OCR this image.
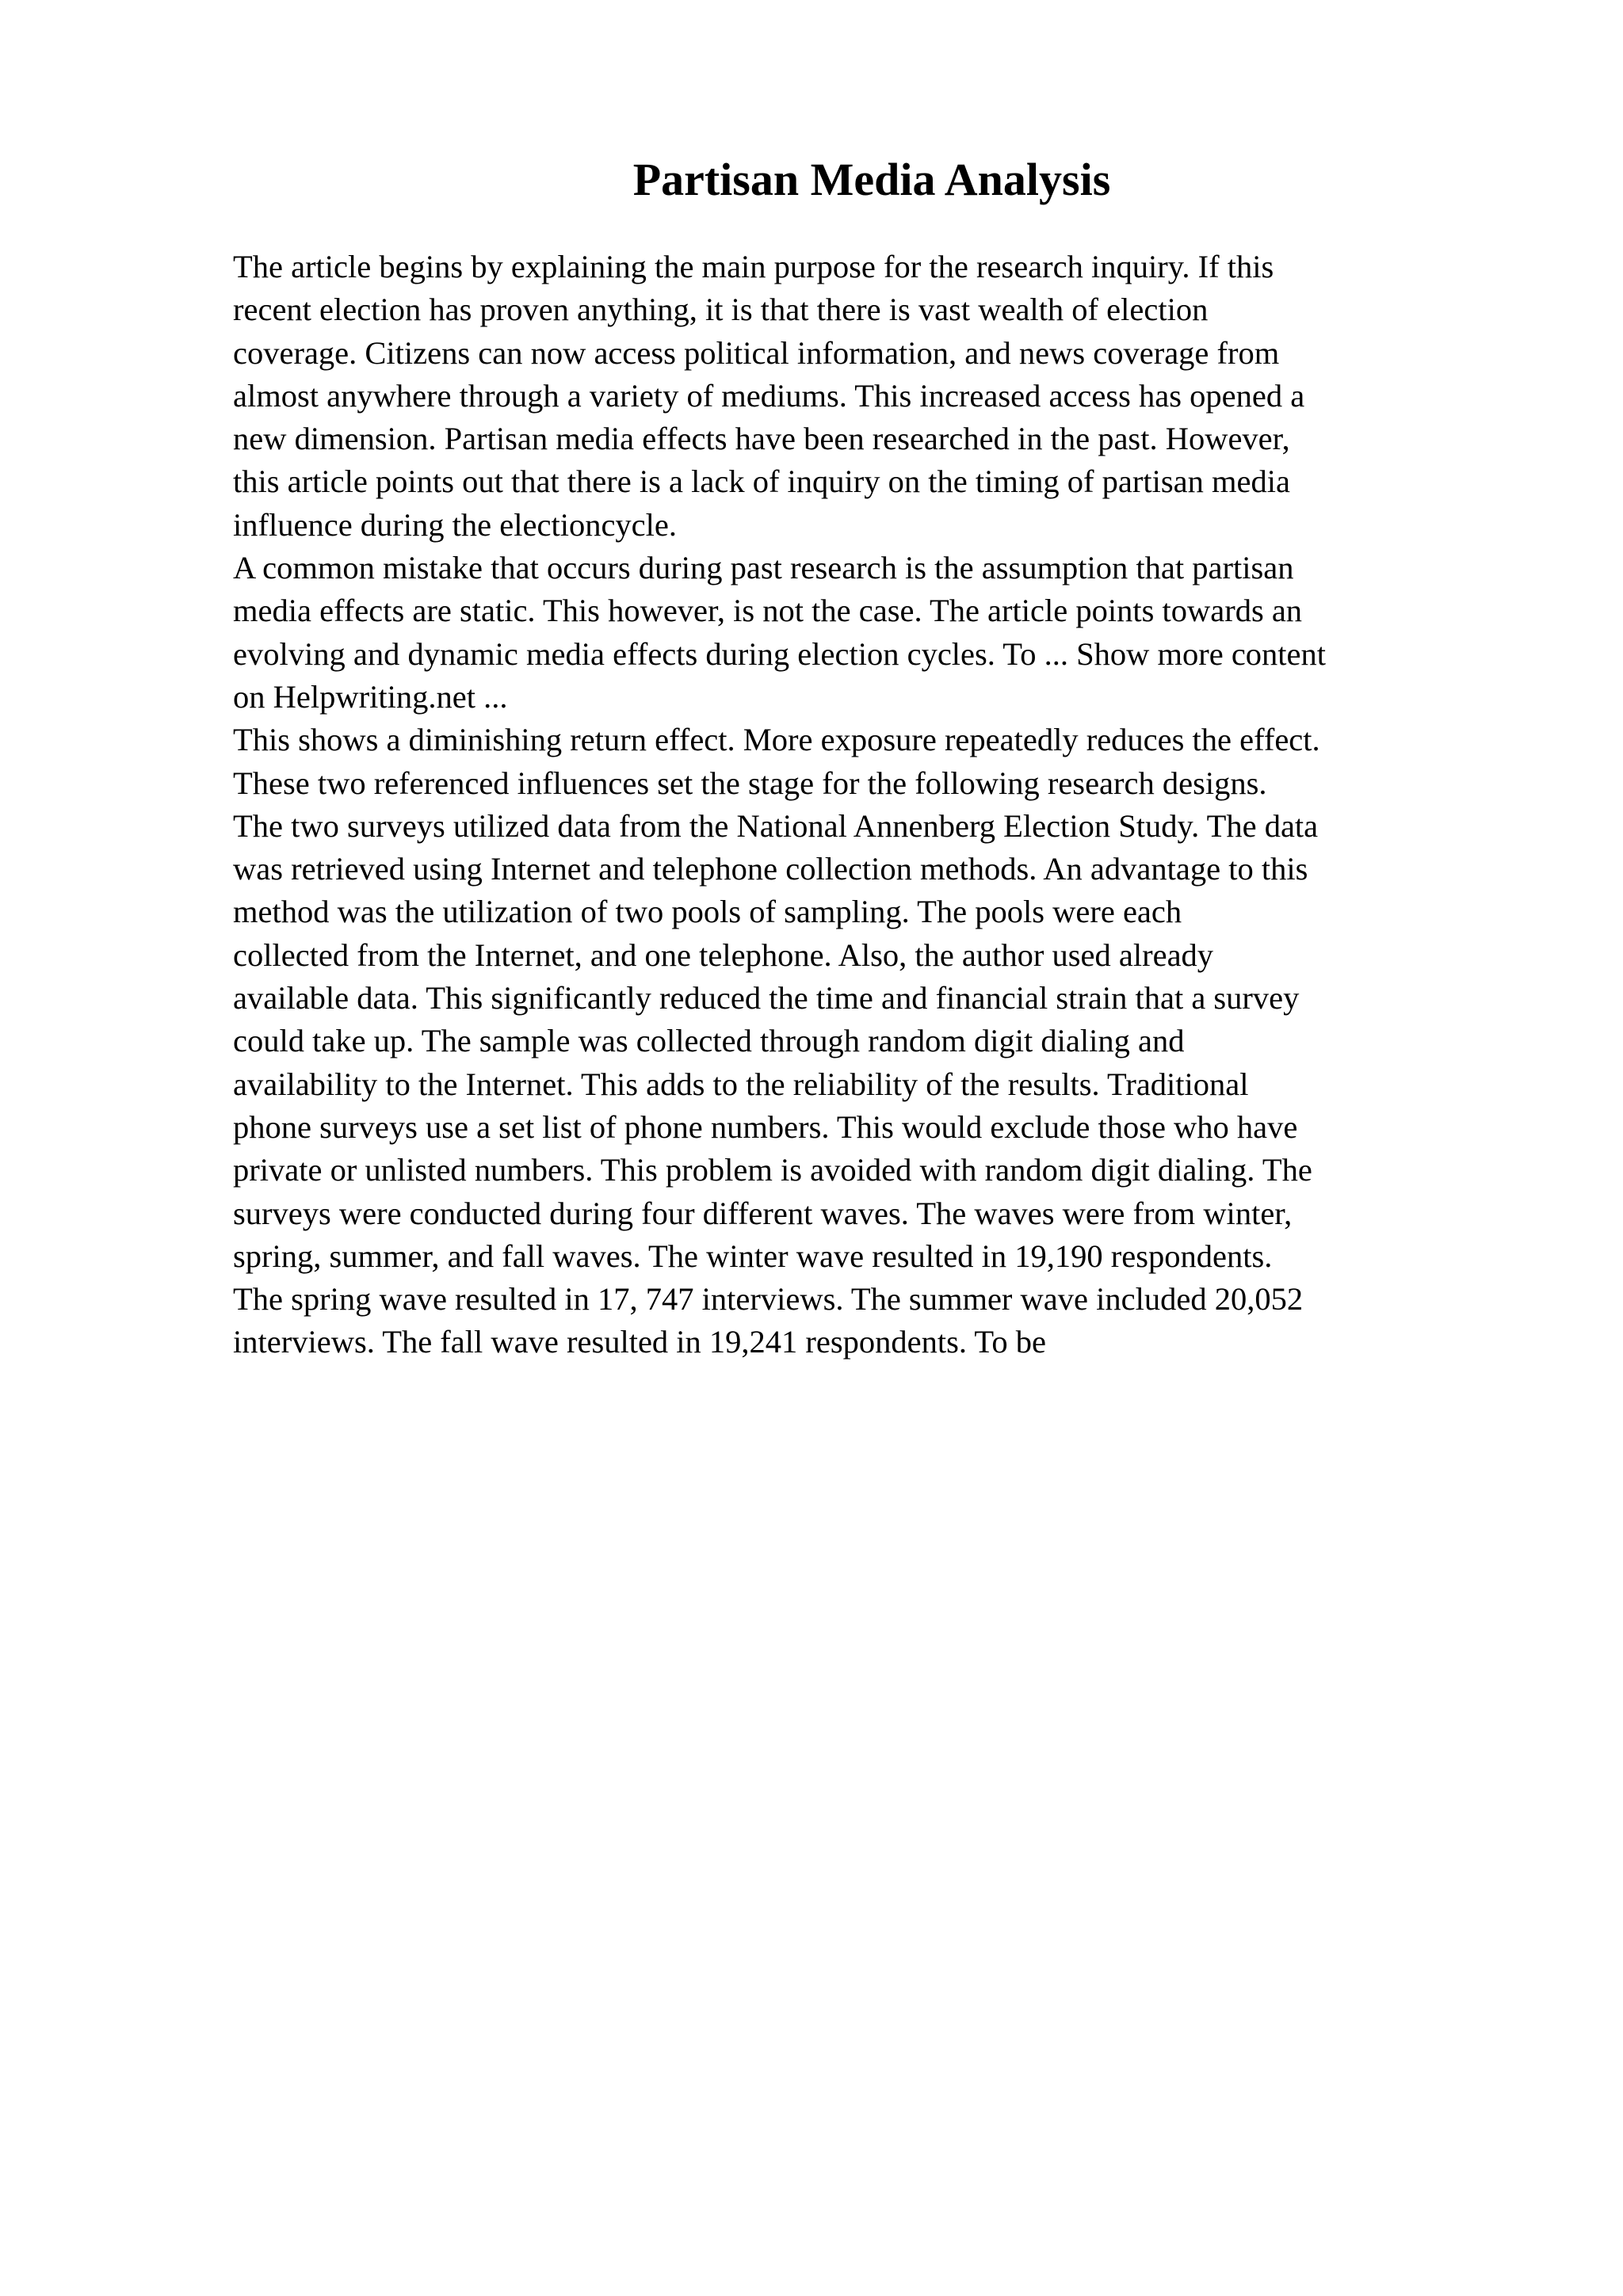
Partisan Media Analysis
The article begins by explaining the main purpose for the research inquiry. If this
recent election has proven anything, it is that there is vast wealth of election
coverage. Citizens can now access political information, and news coverage from
almost anywhere through a variety of mediums. This increased access has opened a
new dimension. Partisan media effects have been researched in the past. However,
this article points out that there is a lack of inquiry on the timing of partisan media
influence during the electioncycle.
A common mistake that occurs during past research is the assumption that partisan
media effects are static. This however, is not the case. The article points towards an
evolving and dynamic media effects during election cycles. To ... Show more content
on Helpwriting.net ...
This shows a diminishing return effect. More exposure repeatedly reduces the effect.
These two referenced influences set the stage for the following research designs.
The two surveys utilized data from the National Annenberg Election Study. The data
was retrieved using Internet and telephone collection methods. An advantage to this
method was the utilization of two pools of sampling. The pools were each
collected from the Internet, and one telephone. Also, the author used already
available data. This significantly reduced the time and financial strain that a survey
could take up. The sample was collected through random digit dialing and
availability to the Internet. This adds to the reliability of the results. Traditional
phone surveys use a set list of phone numbers. This would exclude those who have
private or unlisted numbers. This problem is avoided with random digit dialing. The
surveys were conducted during four different waves. The waves were from winter,
spring, summer, and fall waves. The winter wave resulted in 19,190 respondents.
The spring wave resulted in 17, 747 interviews. The summer wave included 20,052
interviews. The fall wave resulted in 19,241 respondents. To be
